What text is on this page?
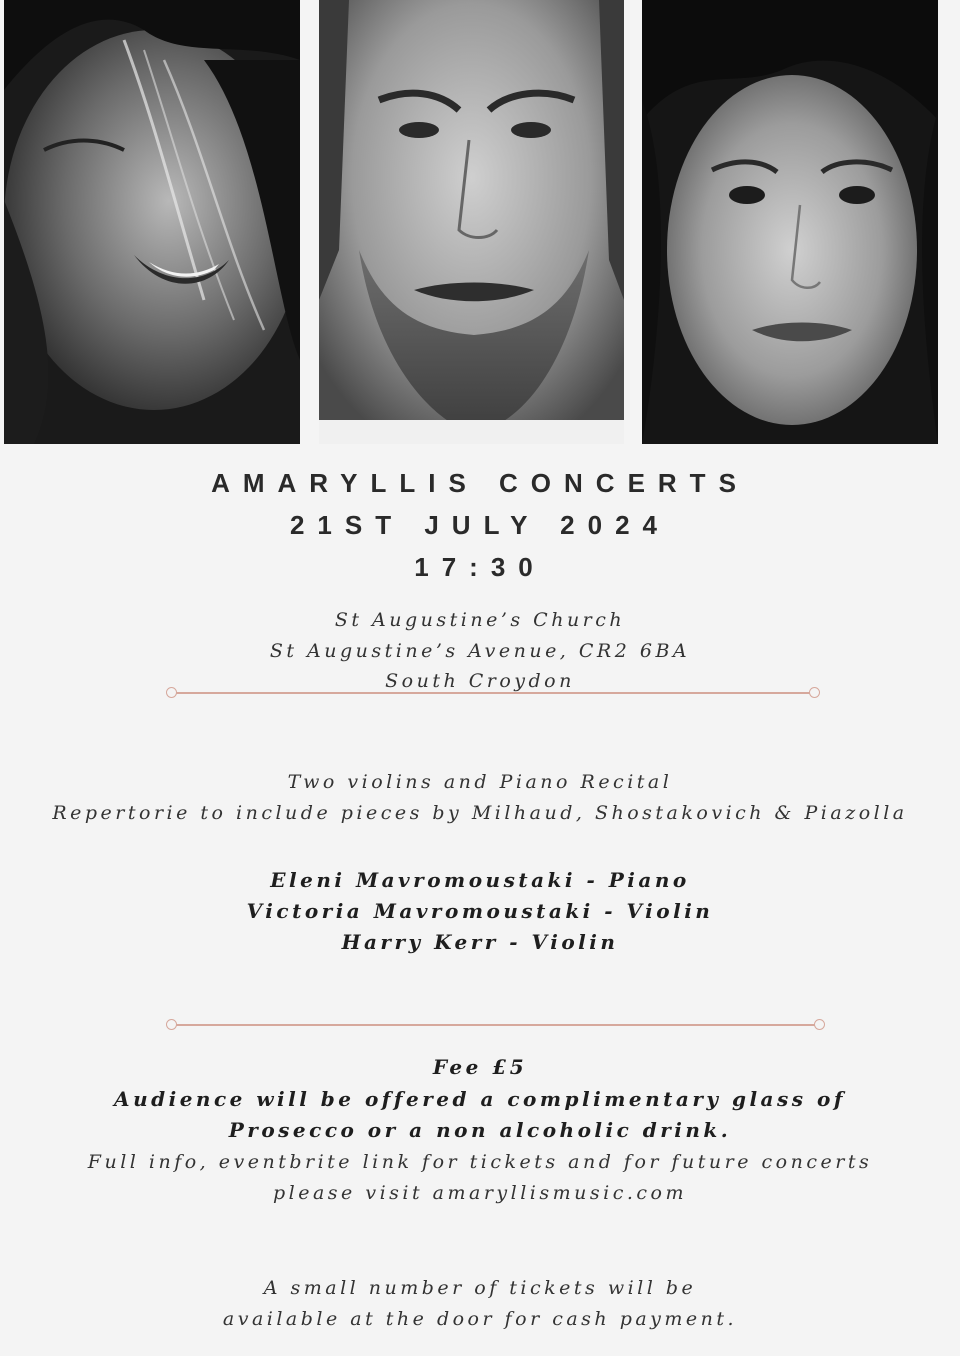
AMARYLLIS CONCERTS
21ST JULY 2024
17:30
St Augustine’s Church
St Augustine’s Avenue, CR2 6BA
South Croydon
Two violins and Piano Recital
Repertorie to include pieces by Milhaud, Shostakovich & Piazolla
Eleni Mavromoustaki - Piano
Victoria Mavromoustaki - Violin
Harry Kerr - Violin
Fee £5
Audience will be offered a complimentary glass of
Prosecco or a non alcoholic drink.
Full info, eventbrite link for tickets and for future concerts
please visit amaryllismusic.com
A small number of tickets will be
available at the door for cash payment.
